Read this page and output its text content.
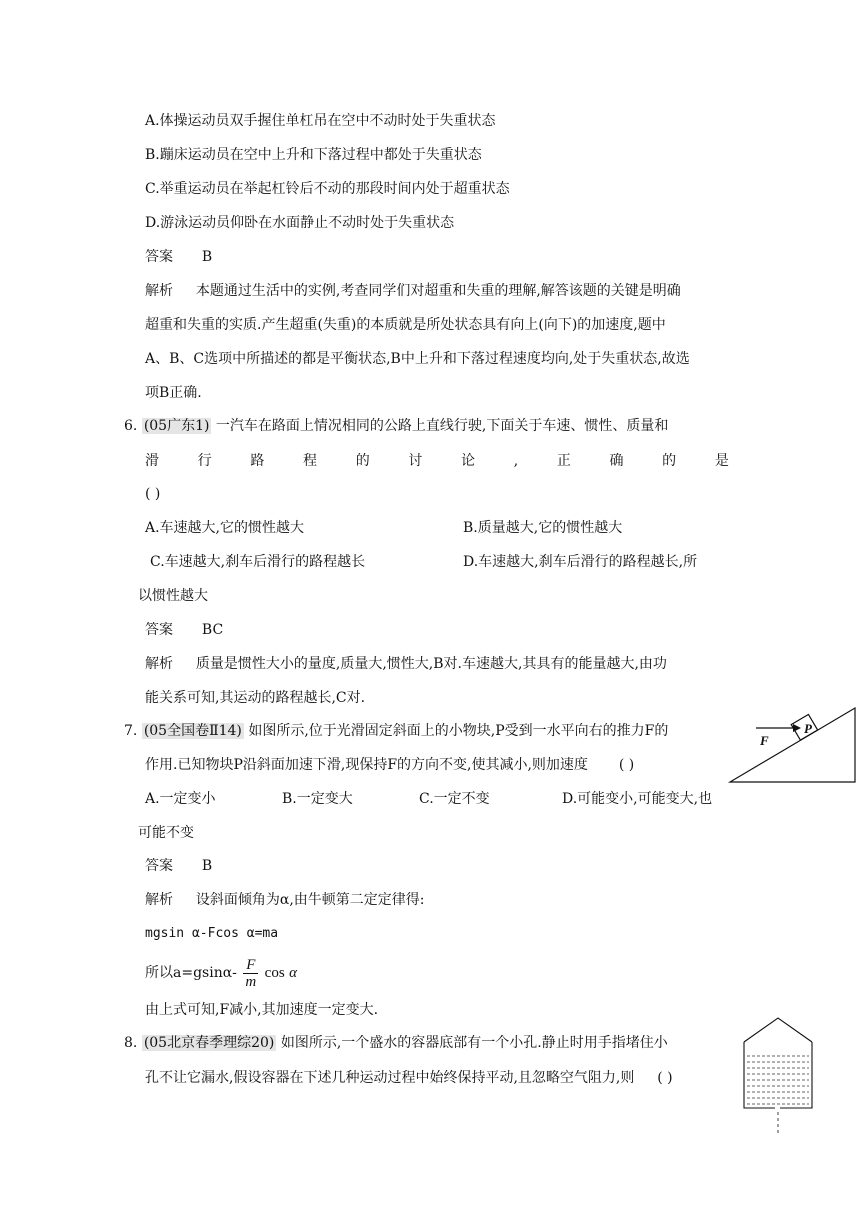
A.体操运动员双手握住单杠吊在空中不动时处于失重状态
B.蹦床运动员在空中上升和下落过程中都处于失重状态
C.举重运动员在举起杠铃后不动的那段时间内处于超重状态
D.游泳运动员仰卧在水面静止不动时处于失重状态
答案 B
解析 本题通过生活中的实例,考查同学们对超重和失重的理解,解答该题的关键是明确
超重和失重的实质.产生超重(失重)的本质就是所处状态具有向上(向下)的加速度,题中
A、B、C选项中所描述的都是平衡状态,B中上升和下落过程速度均向,处于失重状态,故选
项B正确.
6. (05广东1) 一汽车在路面上情况相同的公路上直线行驶,下面关于车速、惯性、质量和
滑	行	路	程	的	讨	论	,	正	确	的	是
( )
A.车速越大,它的惯性越大	B.质量越大,它的惯性越大
C.车速越大,刹车后滑行的路程越长	D.车速越大,刹车后滑行的路程越长,所
以惯性越大
答案 BC
解析 质量是惯性大小的量度,质量大,惯性大,B对.车速越大,其具有的能量越大,由功
能关系可知,其运动的路程越长,C对.
7. (05全国卷Ⅱ14) 如图所示,位于光滑固定斜面上的小物块,P受到一水平向右的推力F的
作用.已知物块P沿斜面加速下滑,现保持F的方向不变,使其减小,则加速度 ( )
A.一定变小	B.一定变大	C.一定不变	D.可能变小,可能变大,也
可能不变
答案 B
解析 设斜面倾角为α,由牛顿第二定定律得:
mgsin α-Fcos α=ma
所以$a=gsin\alpha- \frac{F}{m}$ cos α
由上式可知,F减小,其加速度一定变大.
P
F
8. (05北京春季理综20) 如图所示,一个盛水的容器底部有一个小孔.静止时用手指堵住小
孔不让它漏水,假设容器在下述几种运动过程中始终保持平动,且忽略空气阻力,则 ( )
